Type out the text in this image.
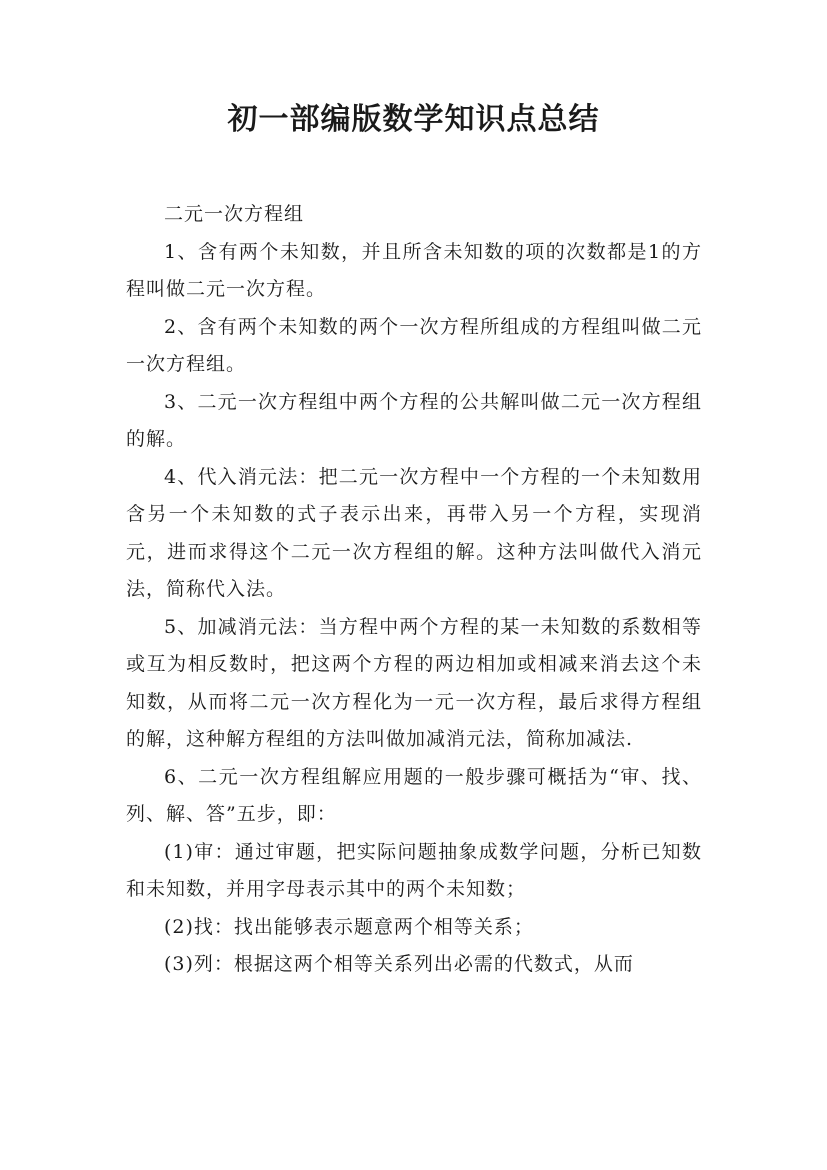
初一部编版数学知识点总结

二元一次方程组

1、含有两个未知数，并且所含未知数的项的次数都是1的方程叫做二元一次方程。

2、含有两个未知数的两个一次方程所组成的方程组叫做二元一次方程组。

3、二元一次方程组中两个方程的公共解叫做二元一次方程组的解。

4、代入消元法：把二元一次方程中一个方程的一个未知数用含另一个未知数的式子表示出来，再带入另一个方程，实现消元，进而求得这个二元一次方程组的解。这种方法叫做代入消元法，简称代入法。

5、加减消元法：当方程中两个方程的某一未知数的系数相等或互为相反数时，把这两个方程的两边相加或相减来消去这个未知数，从而将二元一次方程化为一元一次方程，最后求得方程组的解，这种解方程组的方法叫做加减消元法，简称加减法.

6、二元一次方程组解应用题的一般步骤可概括为“审、找、列、解、答”五步，即：

(1)审：通过审题，把实际问题抽象成数学问题，分析已知数和未知数，并用字母表示其中的两个未知数；

(2)找：找出能够表示题意两个相等关系；

(3)列：根据这两个相等关系列出必需的代数式，从而
